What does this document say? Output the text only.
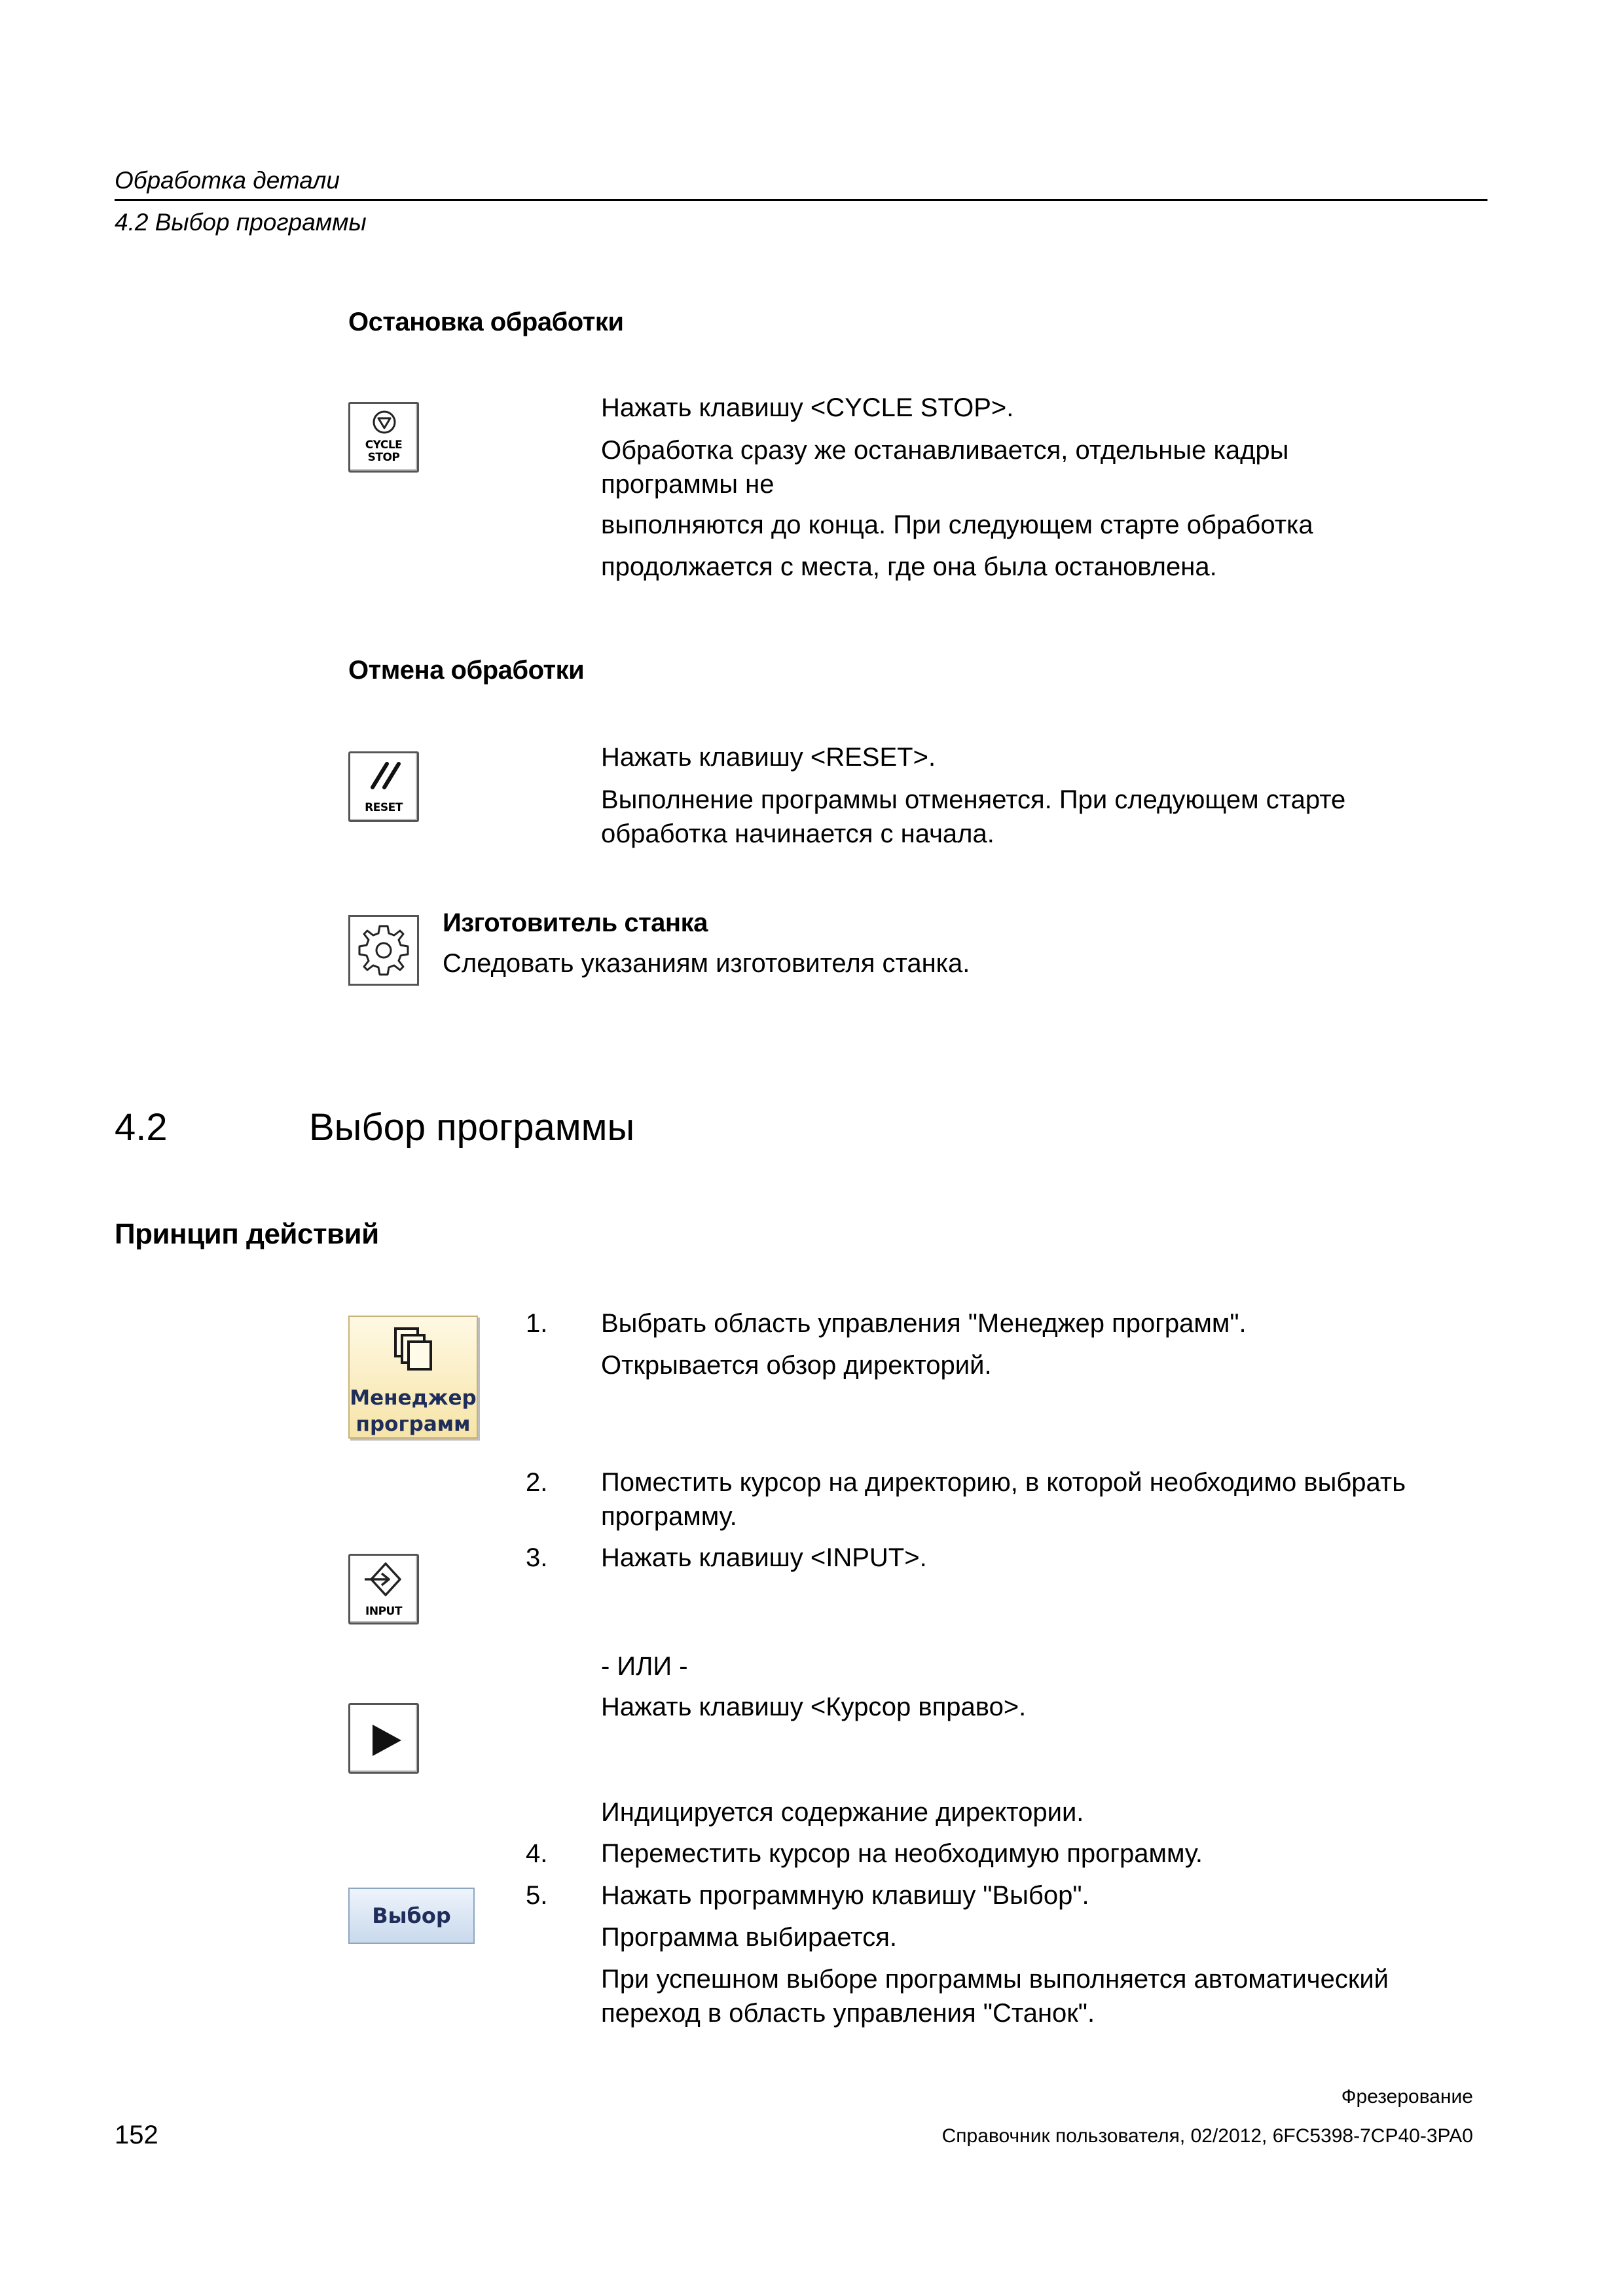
Обработка детали
4.2 Выбор программы
Остановка обработки
CYCLE
STOP
Нажать клавишу <CYCLE STOP>.
Обработка сразу же останавливается, отдельные кадры
программы не
выполняются до конца. При следующем старте обработка
продолжается с места, где она была остановлена.
Отмена обработки
RESET
Нажать клавишу <RESET>.
Выполнение программы отменяется. При следующем старте
обработка начинается с начала.
Изготовитель станка
Следовать указаниям изготовителя станка.
4.2	Выбор программы
Принцип действий
Менеджер
программ
1.	Выбрать область управления "Менеджер программ".
Открывается обзор директорий.
2.	Поместить курсор на директорию, в которой необходимо выбрать
программу.
3.	Нажать клавишу <INPUT>.
INPUT
- ИЛИ -
Нажать клавишу <Курсор вправо>.
Индицируется содержание директории.
4.	Переместить курсор на необходимую программу.
5.	Нажать программную клавишу "Выбор".
Программа выбирается.
При успешном выборе программы выполняется автоматический
переход в область управления "Станок".
Выбор
Фрезерование
152	Справочник пользователя, 02/2012, 6FC5398-7CP40-3PA0
